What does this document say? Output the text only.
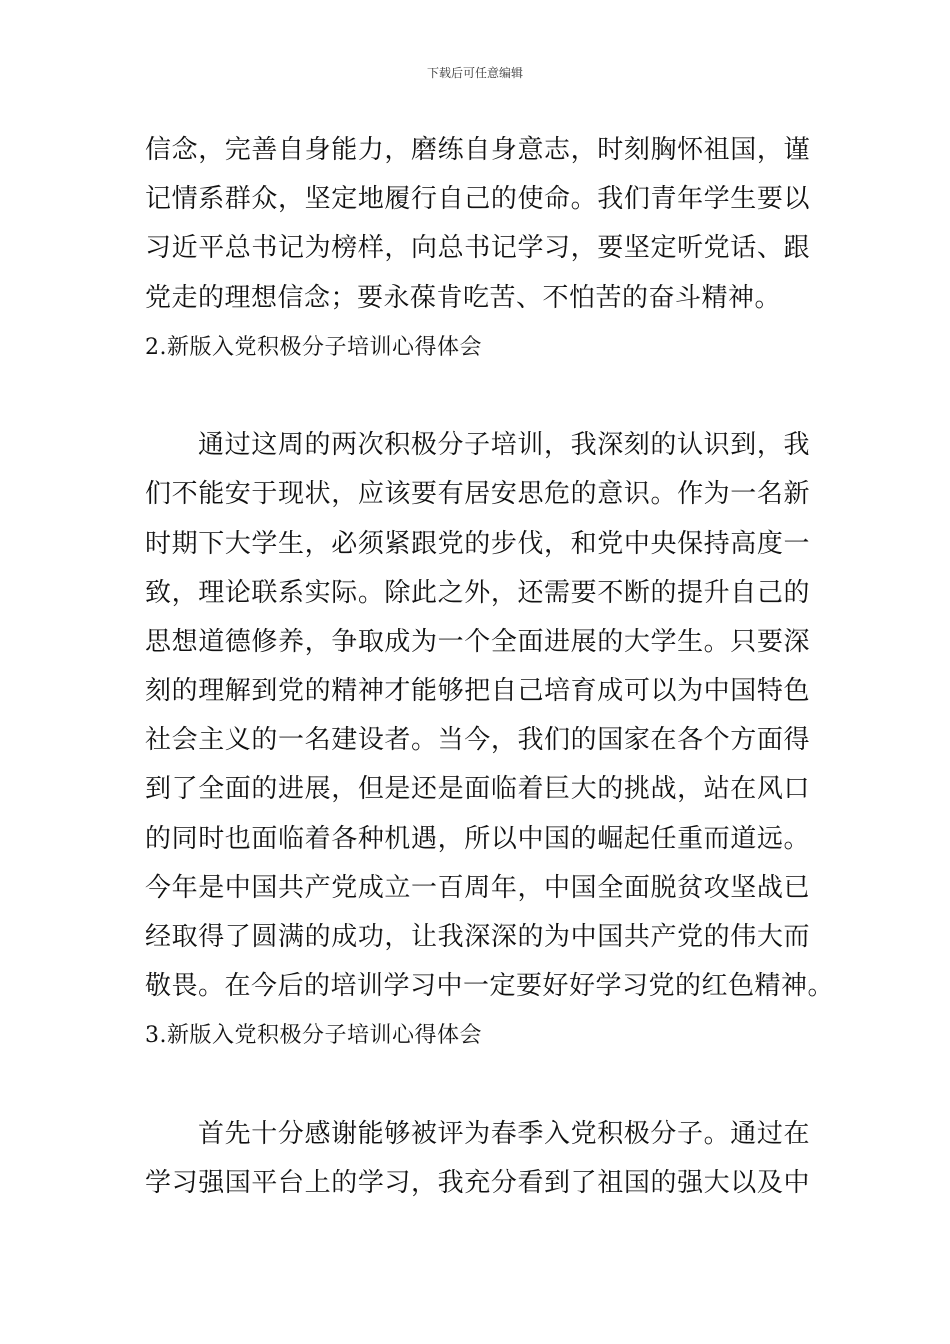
下载后可任意编辑
信念，完善自身能力，磨练自身意志，时刻胸怀祖国，谨
记情系群众，坚定地履行自己的使命。我们青年学生要以
习近平总书记为榜样，向总书记学习，要坚定听党话、跟
党走的理想信念；要永葆肯吃苦、不怕苦的奋斗精神。
2.新版入党积极分子培训心得体会
通过这周的两次积极分子培训，我深刻的认识到，我
们不能安于现状，应该要有居安思危的意识。作为一名新
时期下大学生，必须紧跟党的步伐，和党中央保持高度一
致，理论联系实际。除此之外，还需要不断的提升自己的
思想道德修养，争取成为一个全面进展的大学生。只要深
刻的理解到党的精神才能够把自己培育成可以为中国特色
社会主义的一名建设者。当今，我们的国家在各个方面得
到了全面的进展，但是还是面临着巨大的挑战，站在风口
的同时也面临着各种机遇，所以中国的崛起任重而道远。
今年是中国共产党成立一百周年，中国全面脱贫攻坚战已
经取得了圆满的成功，让我深深的为中国共产党的伟大而
敬畏。在今后的培训学习中一定要好好学习党的红色精神。
3.新版入党积极分子培训心得体会
首先十分感谢能够被评为春季入党积极分子。通过在
学习强国平台上的学习，我充分看到了祖国的强大以及中
